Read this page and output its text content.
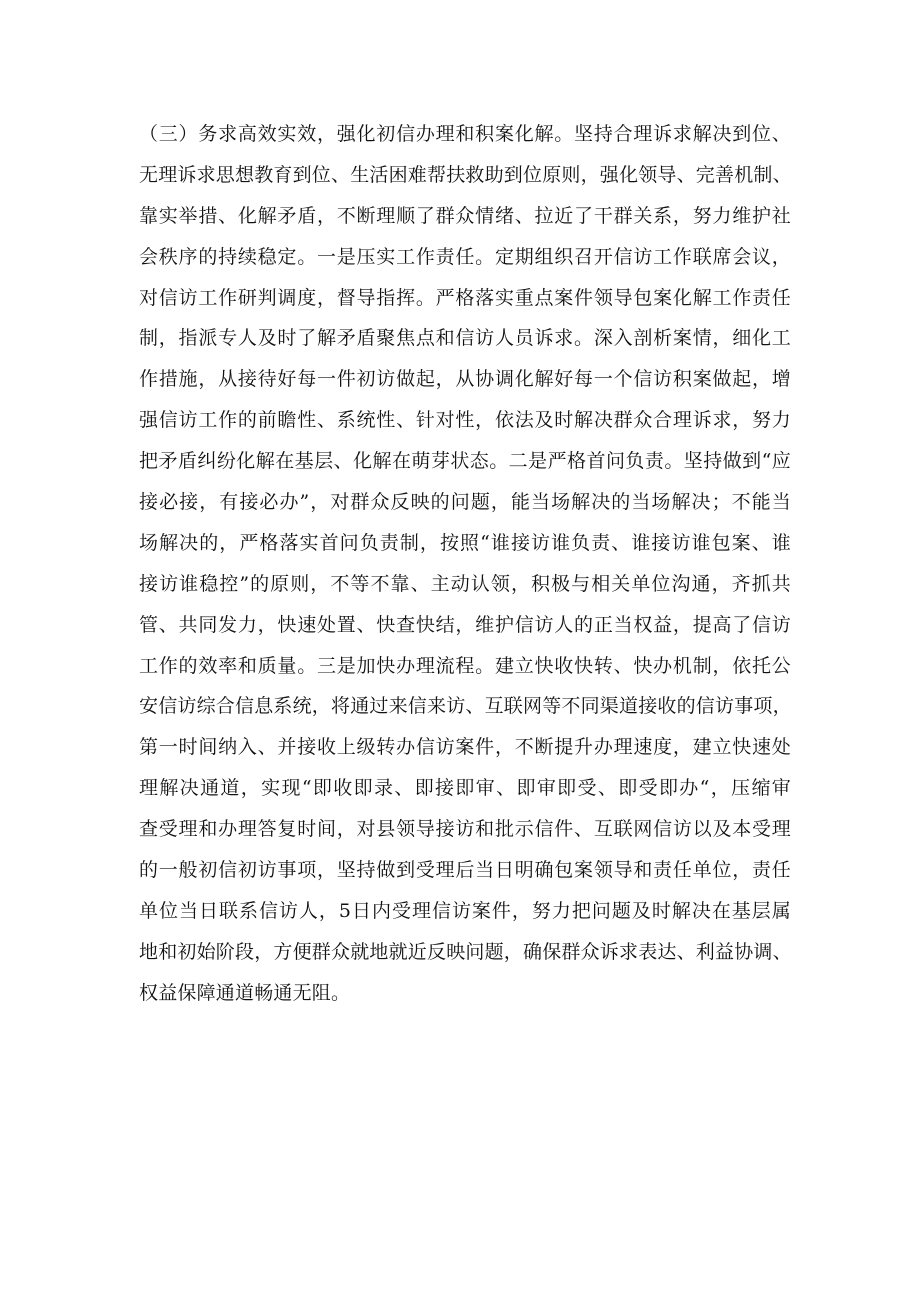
（三）务求高效实效，强化初信办理和积案化解。坚持合理诉求解决到位、
无理诉求思想教育到位、生活困难帮扶救助到位原则，强化领导、完善机制、
靠实举措、化解矛盾，不断理顺了群众情绪、拉近了干群关系，努力维护社
会秩序的持续稳定。一是压实工作责任。定期组织召开信访工作联席会议，
对信访工作研判调度，督导指挥。严格落实重点案件领导包案化解工作责任
制，指派专人及时了解矛盾聚焦点和信访人员诉求。深入剖析案情，细化工
作措施，从接待好每一件初访做起，从协调化解好每一个信访积案做起，增
强信访工作的前瞻性、系统性、针对性，依法及时解决群众合理诉求，努力
把矛盾纠纷化解在基层、化解在萌芽状态。二是严格首问负责。坚持做到“应
接必接，有接必办”，对群众反映的问题，能当场解决的当场解决；不能当
场解决的，严格落实首问负责制，按照“谁接访谁负责、谁接访谁包案、谁
接访谁稳控”的原则，不等不靠、主动认领，积极与相关单位沟通，齐抓共
管、共同发力，快速处置、快查快结，维护信访人的正当权益，提高了信访
工作的效率和质量。三是加快办理流程。建立快收快转、快办机制，依托公
安信访综合信息系统，将通过来信来访、互联网等不同渠道接收的信访事项，
第一时间纳入、并接收上级转办信访案件，不断提升办理速度，建立快速处
理解决通道，实现“即收即录、即接即审、即审即受、即受即办“，压缩审
查受理和办理答复时间，对县领导接访和批示信件、互联网信访以及本受理
的一般初信初访事项，坚持做到受理后当日明确包案领导和责任单位，责任
单位当日联系信访人，5日内受理信访案件，努力把问题及时解决在基层属
地和初始阶段，方便群众就地就近反映问题，确保群众诉求表达、利益协调、
权益保障通道畅通无阻。
